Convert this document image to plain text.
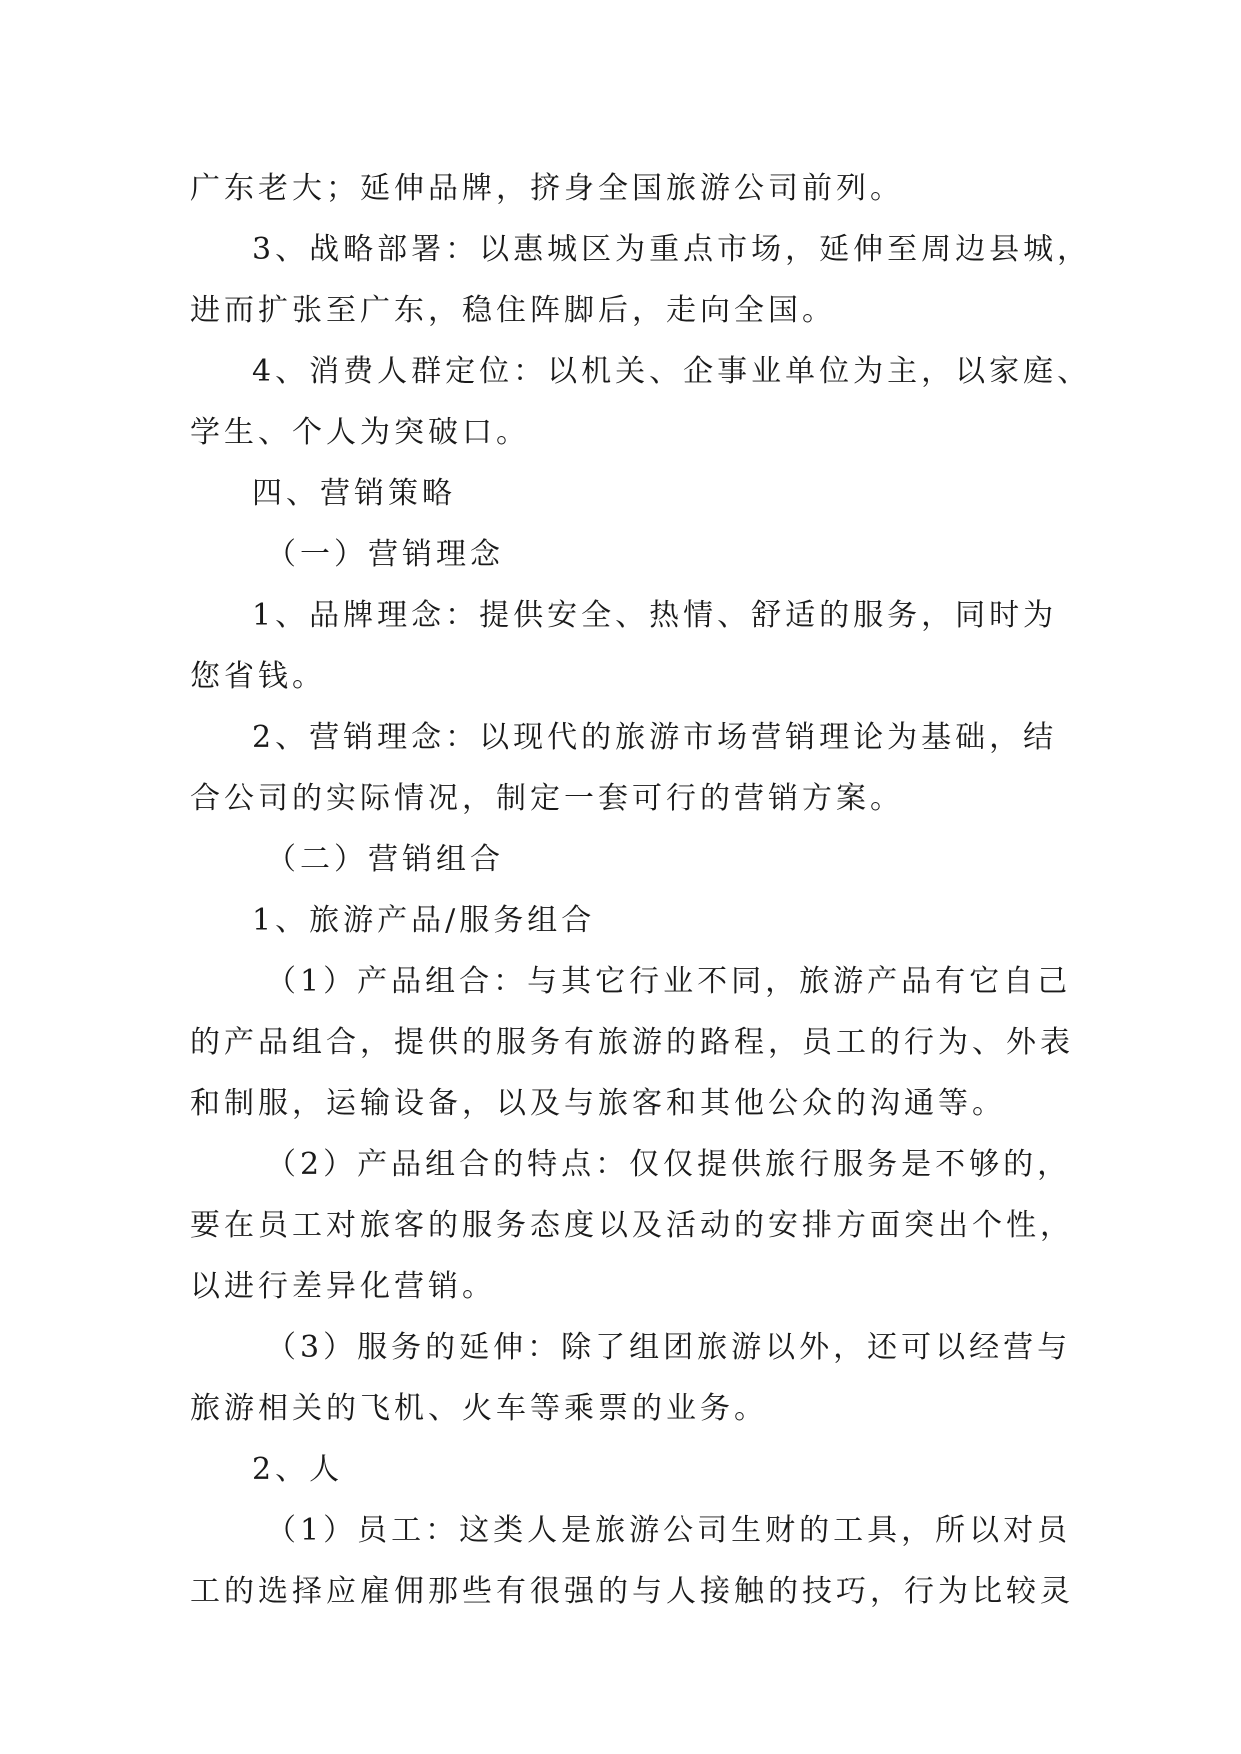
广东老大；延伸品牌，挤身全国旅游公司前列。
3、战略部署：以惠城区为重点市场，延伸至周边县城，
进而扩张至广东，稳住阵脚后，走向全国。
4、消费人群定位：以机关、企事业单位为主，以家庭、
学生、个人为突破口。
四、营销策略
（一）营销理念
1、品牌理念：提供安全、热情、舒适的服务，同时为
您省钱。
2、营销理念：以现代的旅游市场营销理论为基础，结
合公司的实际情况，制定一套可行的营销方案。
（二）营销组合
1、旅游产品/服务组合
（1）产品组合：与其它行业不同，旅游产品有它自己
的产品组合，提供的服务有旅游的路程，员工的行为、外表
和制服，运输设备，以及与旅客和其他公众的沟通等。
（2）产品组合的特点：仅仅提供旅行服务是不够的，
要在员工对旅客的服务态度以及活动的安排方面突出个性，
以进行差异化营销。
（3）服务的延伸：除了组团旅游以外，还可以经营与
旅游相关的飞机、火车等乘票的业务。
2、人
（1）员工：这类人是旅游公司生财的工具，所以对员
工的选择应雇佣那些有很强的与人接触的技巧，行为比较灵
